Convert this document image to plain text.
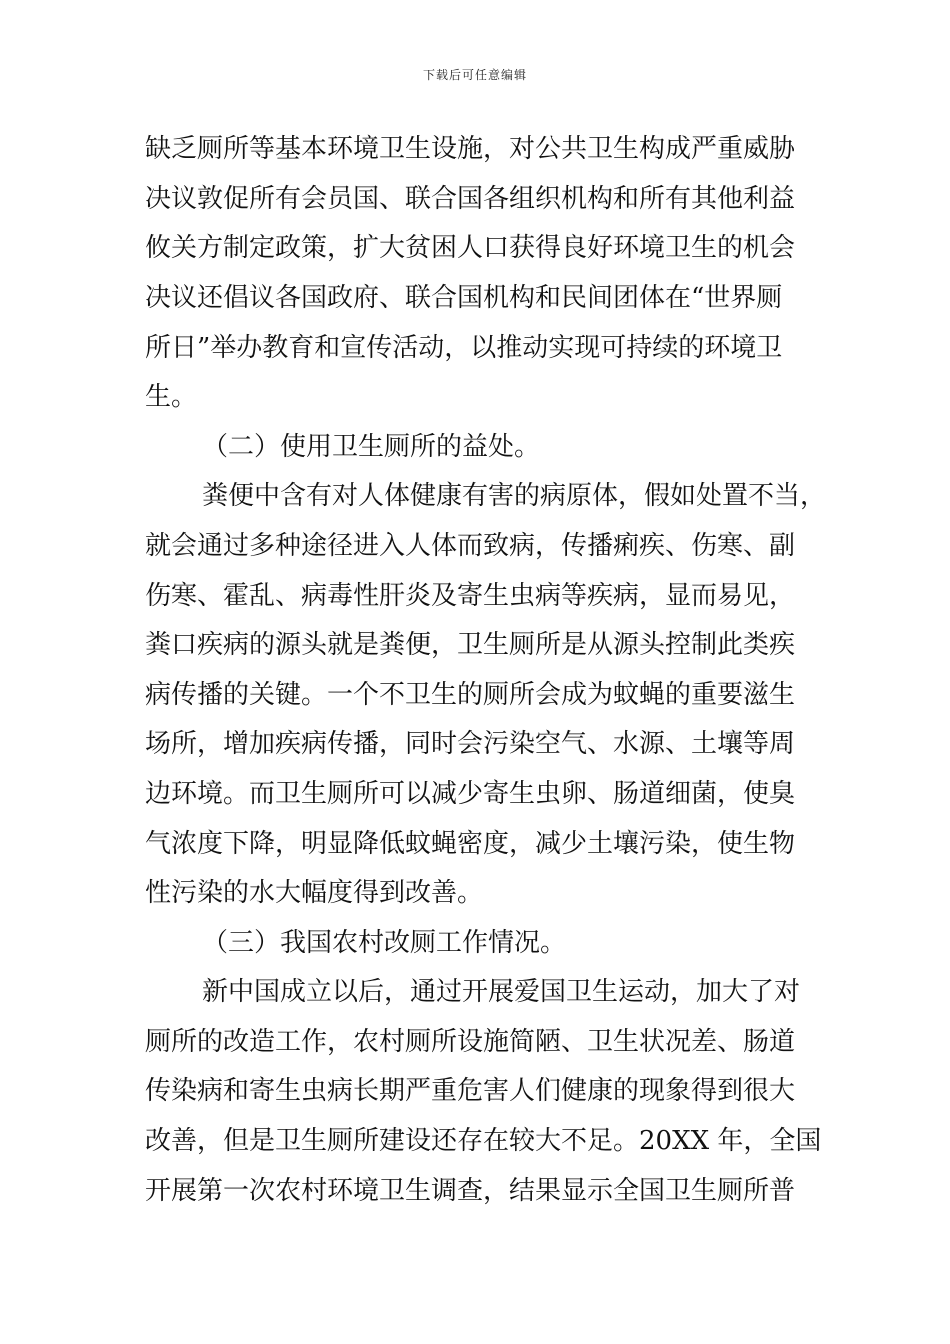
下载后可任意编辑
缺乏厕所等基本环境卫生设施，对公共卫生构成严重威胁
决议敦促所有会员国、联合国各组织机构和所有其他利益
攸关方制定政策，扩大贫困人口获得良好环境卫生的机会
决议还倡议各国政府、联合国机构和民间团体在“世界厕
所日”举办教育和宣传活动，以推动实现可持续的环境卫
生。
（二）使用卫生厕所的益处。
粪便中含有对人体健康有害的病原体，假如处置不当，
就会通过多种途径进入人体而致病，传播痢疾、伤寒、副
伤寒、霍乱、病毒性肝炎及寄生虫病等疾病，显而易见，
粪口疾病的源头就是粪便，卫生厕所是从源头控制此类疾
病传播的关键。一个不卫生的厕所会成为蚊蝇的重要滋生
场所，增加疾病传播，同时会污染空气、水源、土壤等周
边环境。而卫生厕所可以减少寄生虫卵、肠道细菌，使臭
气浓度下降，明显降低蚊蝇密度，减少土壤污染，使生物
性污染的水大幅度得到改善。
（三）我国农村改厕工作情况。
新中国成立以后，通过开展爱国卫生运动，加大了对
厕所的改造工作，农村厕所设施简陋、卫生状况差、肠道
传染病和寄生虫病长期严重危害人们健康的现象得到很大
改善，但是卫生厕所建设还存在较大不足。20XX 年，全国
开展第一次农村环境卫生调查，结果显示全国卫生厕所普
